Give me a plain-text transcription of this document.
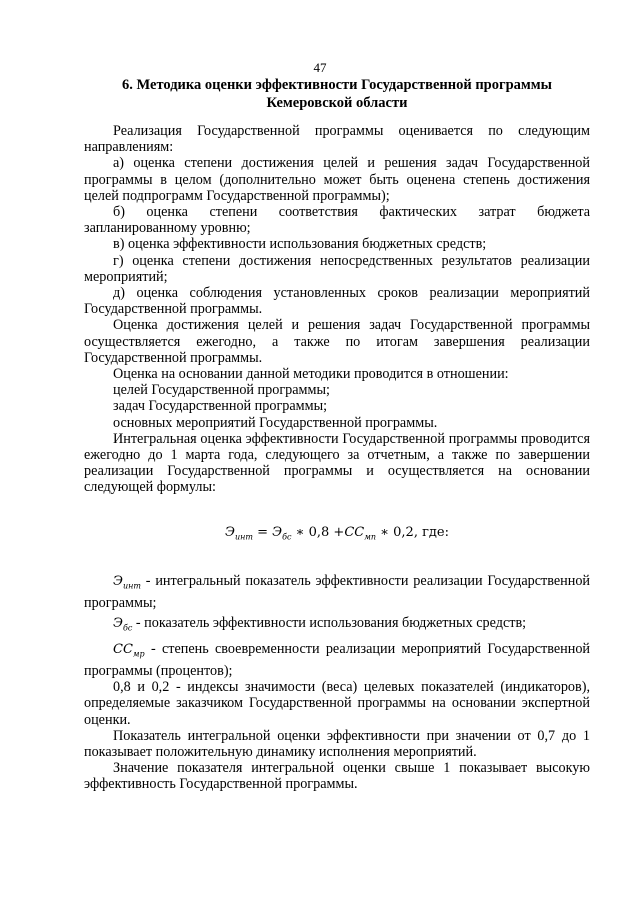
47
6. Методика оценки эффективности Государственной программы Кемеровской области

Реализация Государственной программы оценивается по следующим направлениям:

а) оценка степени достижения целей и решения задач Государственной программы в целом (дополнительно может быть оценена степень достижения целей подпрограмм Государственной программы);

б) оценка степени соответствия фактических затрат бюджета запланированному уровню;

в) оценка эффективности использования бюджетных средств;

г) оценка степени достижения непосредственных результатов реализации мероприятий;

д) оценка соблюдения установленных сроков реализации мероприятий Государственной программы.

Оценка достижения целей и решения задач Государственной программы осуществляется ежегодно, а также по итогам завершения реализации Государственной программы.

Оценка на основании данной методики проводится в отношении:

целей Государственной программы;

задач Государственной программы;

основных мероприятий Государственной программы.

Интегральная оценка эффективности Государственной программы проводится ежегодно до 1 марта года, следующего за отчетным, а также по завершении реализации Государственной программы и осуществляется на основании следующей формулы:

$Э_{инт} = Э_{бс}$ ∗ $0,8 +СС_{мп}$ ∗ 0,2, где:

$Э_{инт}$ - интегральный показатель эффективности реализации Государственной программы;

$Э_{бс}$ - показатель эффективности использования бюджетных средств;

$СС_{мр}$ - степень своевременности реализации мероприятий Государственной программы (процентов);

0,8 и 0,2 - индексы значимости (веса) целевых показателей (индикаторов), определяемые заказчиком Государственной программы на основании экспертной оценки.

Показатель интегральной оценки эффективности при значении от 0,7 до 1 показывает положительную динамику исполнения мероприятий.

Значение показателя интегральной оценки свыше 1 показывает высокую эффективность Государственной программы.
